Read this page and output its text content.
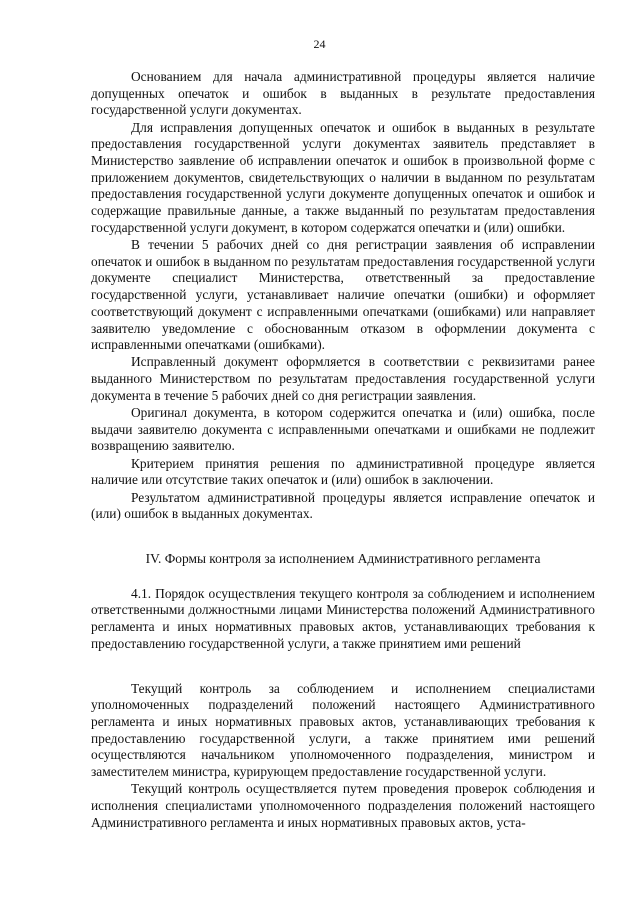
24

Основанием для начала административной процедуры является наличие допущенных опечаток и ошибок в выданных в результате предоставления государственной услуги документах.

Для исправления допущенных опечаток и ошибок в выданных в результате предоставления государственной услуги документах заявитель представляет в Министерство заявление об исправлении опечаток и ошибок в произвольной форме с приложением документов, свидетельствующих о наличии в выданном по результатам предоставления государственной услуги документе допущенных опечаток и ошибок и содержащие правильные данные, а также выданный по результатам предоставления государственной услуги документ, в котором содержатся опечатки и (или) ошибки.

В течении 5 рабочих дней со дня регистрации заявления об исправлении опечаток и ошибок в выданном по результатам предоставления государственной услуги документе специалист Министерства, ответственный за предоставление государственной услуги, устанавливает наличие опечатки (ошибки) и оформляет соответствующий документ с исправленными опечатками (ошибками) или направляет заявителю уведомление с обоснованным отказом в оформлении документа с исправленными опечатками (ошибками).

Исправленный документ оформляется в соответствии с реквизитами ранее выданного Министерством по результатам предоставления государственной услуги документа в течение 5 рабочих дней со дня регистрации заявления.

Оригинал документа, в котором содержится опечатка и (или) ошибка, после выдачи заявителю документа с исправленными опечатками и ошибками не подлежит возвращению заявителю.

Критерием принятия решения по административной процедуре является наличие или отсутствие таких опечаток и (или) ошибок в заключении.

Результатом административной процедуры является исправление опечаток и (или) ошибок в выданных документах.

IV. Формы контроля за исполнением Административного регламента

4.1. Порядок осуществления текущего контроля за соблюдением и исполнением ответственными должностными лицами Министерства положений Административного регламента и иных нормативных правовых актов, устанавливающих требования к предоставлению государственной услуги, а также принятием ими решений

Текущий контроль за соблюдением и исполнением специалистами уполномоченных подразделений положений настоящего Административного регламента и иных нормативных правовых актов, устанавливающих требования к предоставлению государственной услуги, а также принятием ими решений осуществляются начальником уполномоченного подразделения, министром и заместителем министра, курирующем предоставление государственной услуги.

Текущий контроль осуществляется путем проведения проверок соблюдения и исполнения специалистами уполномоченного подразделения положений настоящего Административного регламента и иных нормативных правовых актов, уста-
